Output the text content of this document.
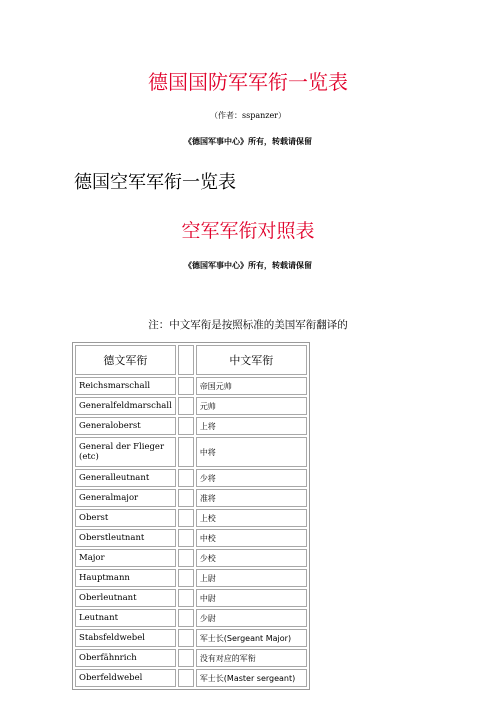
德国国防军军衔一览表
（作者：sspanzer）
《德国军事中心》所有，转载请保留
德国空军军衔一览表
空军军衔对照表
《德国军事中心》所有，转载请保留
注：中文军衔是按照标准的美国军衔翻译的
德文军衔		中文军衔
Reichsmarschall		帝国元帅
Generalfeldmarschall		元帅
Generaloberst		上将
General der Flieger (etc)		中将
Generalleutnant		少将
Generalmajor		准将
Oberst		上校
Oberstleutnant		中校
Major		少校
Hauptmann		上尉
Oberleutnant		中尉
Leutnant		少尉
Stabsfeldwebel		军士长(Sergeant Major)
Oberfähnrich		没有对应的军衔
Oberfeldwebel		军士长(Master sergeant)
